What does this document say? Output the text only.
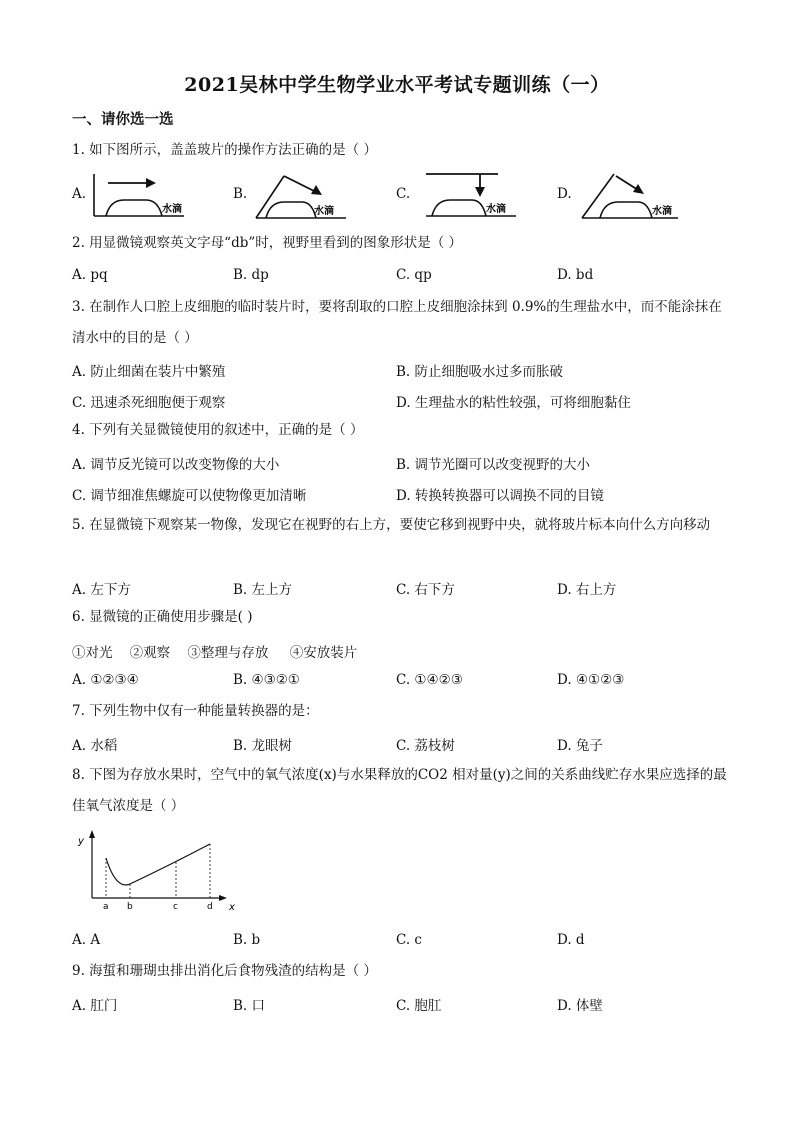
2021吴林中学生物学业水平考试专题训练（一）
一、请你选一选
1. 如下图所示，盖盖玻片的操作方法正确的是（ ）
A.	B.	C.	D.
水滴	水滴	水滴	水滴
2. 用显微镜观察英文字母“db”时，视野里看到的图象形状是（ ）
A. pq	B. dp	C. qp	D. bd
3. 在制作人口腔上皮细胞的临时装片时，要将刮取的口腔上皮细胞涂抹到 0.9%的生理盐水中，而不能涂抹在清水中的目的是（ ）
A. 防止细菌在装片中繁殖	B. 防止细胞吸水过多而胀破
C. 迅速杀死细胞便于观察	D. 生理盐水的粘性较强，可将细胞黏住
4. 下列有关显微镜使用的叙述中，正确的是（ ）
A. 调节反光镜可以改变物像的大小	B. 调节光圈可以改变视野的大小
C. 调节细准焦螺旋可以使物像更加清晰	D. 转换转换器可以调换不同的目镜
5. 在显微镜下观察某一物像，发现它在视野的右上方，要使它移到视野中央，就将玻片标本向什么方向移动
A. 左下方	B. 左上方	C. 右下方	D. 右上方
6. 显微镜的正确使用步骤是( )
①对光    ②观察    ③整理与存放     ④安放装片
A. ①②③④	B. ④③②①	C. ①④②③	D. ④①②③
7. 下列生物中仅有一种能量转换器的是：
A. 水稻	B. 龙眼树	C. 荔枝树	D. 兔子
8. 下图为存放水果时，空气中的氧气浓度(x)与水果释放的CO2 相对量(y)之间的关系曲线贮存水果应选择的最佳氧气浓度是（ ）
y
a b	c	d x
A. A	B. b	C. c	D. d
9. 海蜇和珊瑚虫排出消化后食物残渣的结构是（ ）
A. 肛门	B. 口	C. 胞肛	D. 体壁
